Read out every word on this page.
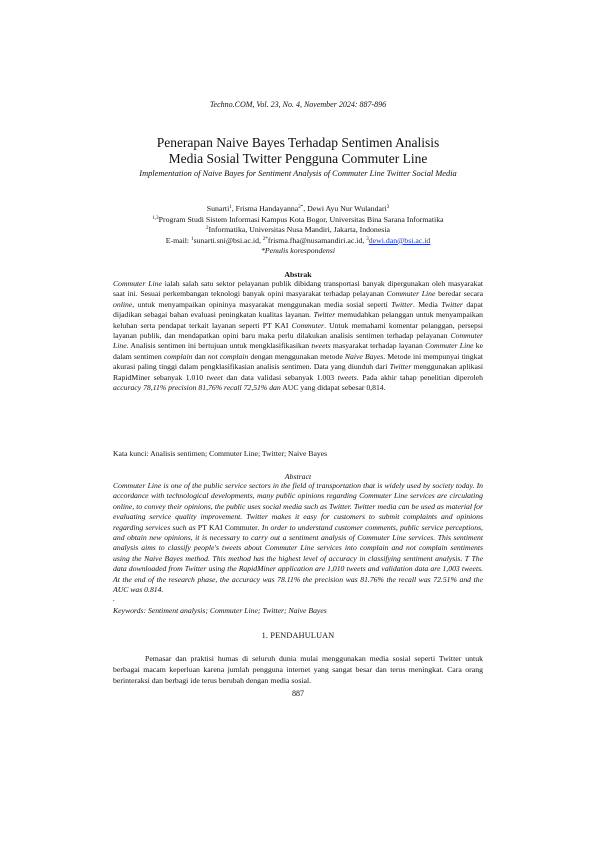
Techno.COM, Vol. 23, No. 4, November 2024: 887-896
Penerapan Naive Bayes Terhadap Sentimen Analisis
Media Sosial Twitter Pengguna Commuter Line
Implementation of Naive Bayes for Sentiment Analysis of Commuter Line Twitter Social Media
Sunarti$^1$, Frisma Handayanna$^{2*}$, Dewi Ayu Nur Wulandari$^3$
$^{1,3}$Program Studi Sistem Informasi Kampus Kota Bogor, Universitas Bina Sarana Informatika
$^2$Informatika, Universitas Nusa Mandiri, Jakarta, Indonesia
E-mail: $^1$sunarti.sni@bsi.ac.id, $^{2*}$frisma.fha@nusamandiri.ac.id, $^3$dewi.dan@bsi.ac.id
*Penulis korespondensi

Abstrak

Commuter Line ialah salah satu sektor pelayanan publik dibidang transportasi banyak dipergunakan oleh masyarakat saat ini. Sesuai perkembangan teknologi banyak opini masyarakat terhadap pelayanan Commuter Line beredar secara online, untuk menyampaikan opininya masyarakat menggunakan media sosial seperti Twitter. Media Twitter dapat dijadikan sebagai bahan evaluasi peningkatan kualitas layanan. Twitter memudahkan pelanggan untuk menyampaikan keluhan serta pendapat terkait layanan seperti PT KAI Commuter. Untuk memahami komentar pelanggan, persepsi layanan publik, dan mendapatkan opini baru maka perlu dilakukan analisis sentimen terhadap pelayanan Commuter Line. Analisis sentimen ini bertujuan untuk mengklasifikasikan tweets masyarakat terhadap layanan Commuter Line ke dalam sentimen complain dan not complain dengan menggunakan metode Naive Bayes. Metode ini mempunyai tingkat akurasi paling tinggi dalam pengklasifikasian analisis sentimen. Data yang diunduh dari Twitter menggunakan aplikasi RapidMiner sebanyak 1.010 tweet dan data validasi sebanyak 1.003 tweets. Pada akhir tahap penelitian diperoleh accuracy 78,11% precision 81,76% recall 72,51% dan AUC yang didapat sebesar 0,814.

Kata kunci: Analisis sentimen; Commuter Line; Twitter; Naive Bayes

Abstract

Commuter Line is one of the public service sectors in the field of transportation that is widely used by society today. In accordance with technological developments, many public opinions regarding Commuter Line services are circulating online, to convey their opinions, the public uses social media such as Twitter. Twitter media can be used as material for evaluating service quality improvement. Twitter makes it easy for customers to submit complaints and opinions regarding services such as PT KAI Commuter. In order to understand customer comments, public service perceptions, and obtain new opinions, it is necessary to carry out a sentiment analysis of Commuter Line services. This sentiment analysis aims to classify people's tweets about Commuter Line services into complain and not complain sentiments using the Naive Bayes method. This method has the highest level of accuracy in classifying sentiment analysis. T The data downloaded from Twitter using the RapidMiner application are 1,010 tweets and validation data are 1,003 tweets. At the end of the research phase, the accuracy was 78.11% the precision was 81.76% the recall was 72.51% and the AUC was 0.814.

.

Keywords: Sentiment analysis; Commuter Line; Twitter; Naive Bayes

1. PENDAHULUAN

Pemasar dan praktisi humas di seluruh dunia mulai menggunakan media sosial seperti Twitter untuk berbagai macam keperluan karena jumlah pengguna internet yang sangat besar dan terus meningkat. Cara orang berinteraksi dan berbagi ide terus berubah dengan media sosial.

887
